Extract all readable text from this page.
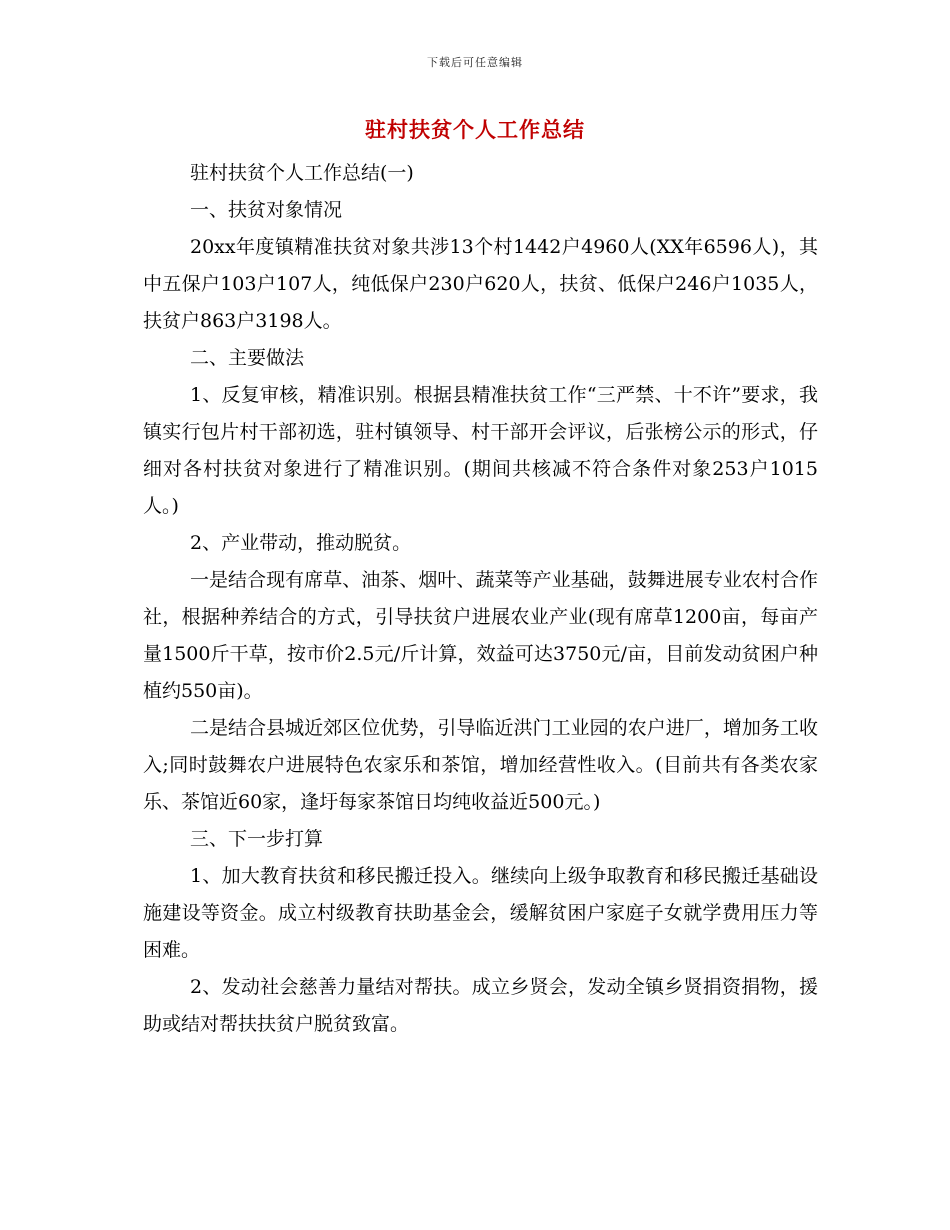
下载后可任意编辑
驻村扶贫个人工作总结

驻村扶贫个人工作总结(一)

一、扶贫对象情况

20xx年度镇精准扶贫对象共涉13个村1442户4960人(XX年6596人)，其中五保户103户107人，纯低保户230户620人，扶贫、低保户246户1035人，扶贫户863户3198人。

二、主要做法

1、反复审核，精准识别。根据县精准扶贫工作“三严禁、十不许”要求，我镇实行包片村干部初选，驻村镇领导、村干部开会评议，后张榜公示的形式，仔细对各村扶贫对象进行了精准识别。(期间共核减不符合条件对象253户1015人。)

2、产业带动，推动脱贫。

一是结合现有席草、油茶、烟叶、蔬菜等产业基础，鼓舞进展专业农村合作社，根据种养结合的方式，引导扶贫户进展农业产业(现有席草1200亩，每亩产量1500斤干草，按市价2.5元/斤计算，效益可达3750元/亩，目前发动贫困户种植约550亩)。

二是结合县城近郊区位优势，引导临近洪门工业园的农户进厂，增加务工收入;同时鼓舞农户进展特色农家乐和茶馆，增加经营性收入。(目前共有各类农家乐、茶馆近60家，逢圩每家茶馆日均纯收益近500元。)

三、下一步打算

1、加大教育扶贫和移民搬迁投入。继续向上级争取教育和移民搬迁基础设施建设等资金。成立村级教育扶助基金会，缓解贫困户家庭子女就学费用压力等困难。

2、发动社会慈善力量结对帮扶。成立乡贤会，发动全镇乡贤捐资捐物，援助或结对帮扶扶贫户脱贫致富。
